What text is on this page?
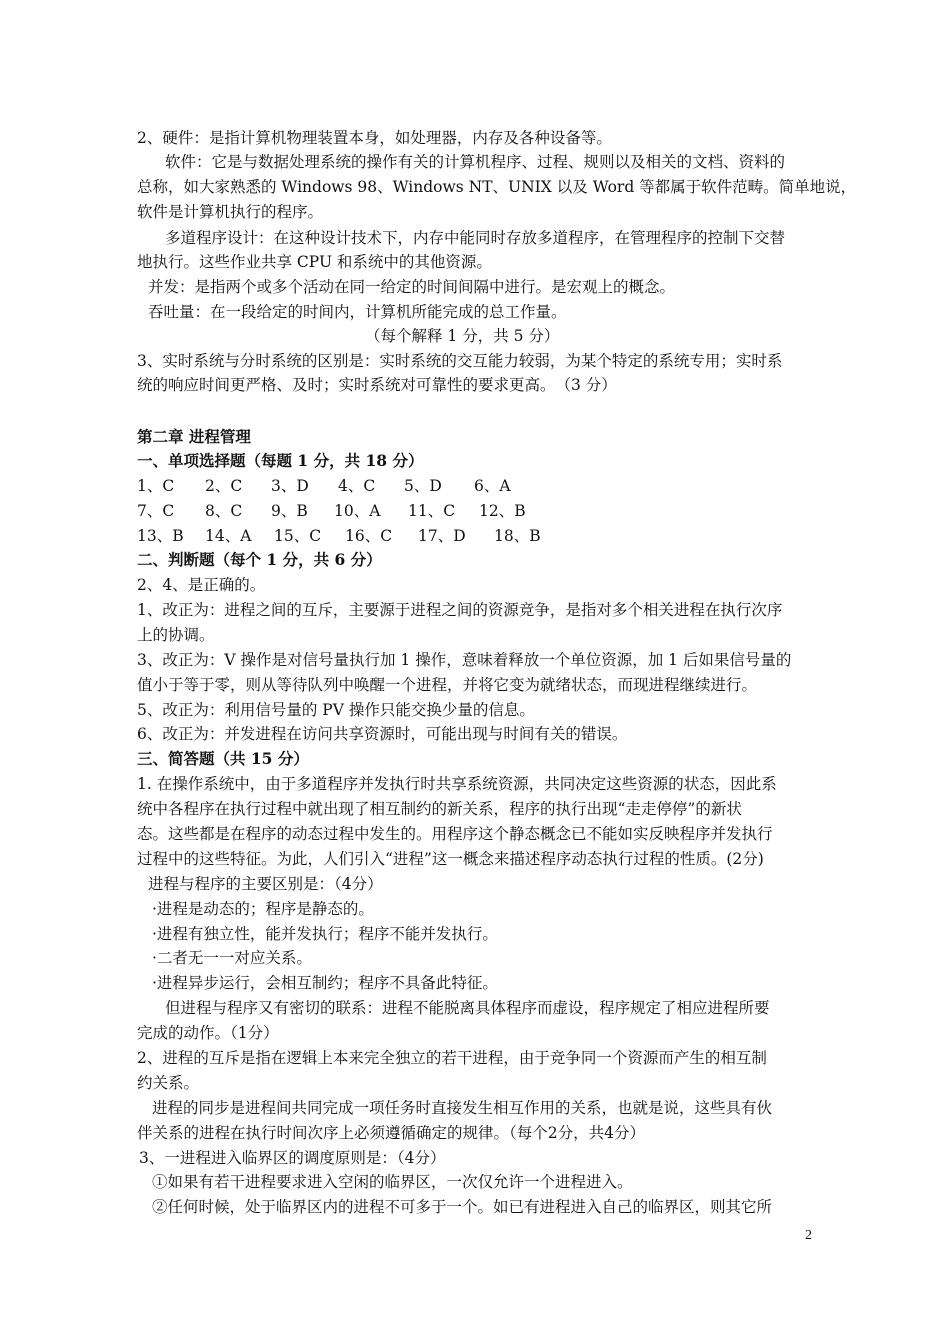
2、硬件：是指计算机物理装置本身，如处理器，内存及各种设备等。
软件：它是与数据处理系统的操作有关的计算机程序、过程、规则以及相关的文档、资料的
总称，如大家熟悉的 Windows 98、Windows NT、UNIX 以及 Word 等都属于软件范畴。简单地说，
软件是计算机执行的程序。
多道程序设计：在这种设计技术下，内存中能同时存放多道程序，在管理程序的控制下交替
地执行。这些作业共享 CPU 和系统中的其他资源。
并发：是指两个或多个活动在同一给定的时间间隔中进行。是宏观上的概念。
吞吐量：在一段给定的时间内，计算机所能完成的总工作量。
（每个解释 1 分，共 5 分）
3、实时系统与分时系统的区别是：实时系统的交互能力较弱，为某个特定的系统专用；实时系
统的响应时间更严格、及时；实时系统对可靠性的要求更高。　（3 分）
第二章 进程管理
一、单项选择题（每题 1 分，共 18 分）
1、C 2、C 3、D 4、C 5、D 6、A
7、C 8、C 9、B 10、A 11、C 12、B
13、B 14、A 15、C 16、C 17、D 18、B
二、判断题（每个 1 分，共 6 分）
2、4、是正确的。
1、改正为：进程之间的互斥，主要源于进程之间的资源竞争，是指对多个相关进程在执行次序
上的协调。
3、改正为：V 操作是对信号量执行加 1 操作，意味着释放一个单位资源，加 1 后如果信号量的
值小于等于零，则从等待队列中唤醒一个进程，并将它变为就绪状态，而现进程继续进行。
5、改正为：利用信号量的 PV 操作只能交换少量的信息。
6、改正为：并发进程在访问共享资源时，可能出现与时间有关的错误。
三、简答题（共 15 分）
1. 在操作系统中，由于多道程序并发执行时共享系统资源，共同决定这些资源的状态，因此系
统中各程序在执行过程中就出现了相互制约的新关系，程序的执行出现“走走停停”的新状
态。这些都是在程序的动态过程中发生的。用程序这个静态概念已不能如实反映程序并发执行
过程中的这些特征。为此，人们引入“进程”这一概念来描述程序动态执行过程的性质。(2分)
进程与程序的主要区别是：（4分）
·进程是动态的；程序是静态的。
·进程有独立性，能并发执行；程序不能并发执行。
·二者无一一对应关系。
·进程异步运行，会相互制约；程序不具备此特征。
但进程与程序又有密切的联系：进程不能脱离具体程序而虚设，程序规定了相应进程所要
完成的动作。（1分）
2、进程的互斥是指在逻辑上本来完全独立的若干进程，由于竞争同一个资源而产生的相互制
约关系。
进程的同步是进程间共同完成一项任务时直接发生相互作用的关系，也就是说，这些具有伙
伴关系的进程在执行时间次序上必须遵循确定的规律。（每个2分，共4分）
3、一进程进入临界区的调度原则是：（4分）
①如果有若干进程要求进入空闲的临界区，一次仅允许一个进程进入。
②任何时候，处于临界区内的进程不可多于一个。如已有进程进入自己的临界区，则其它所
2
